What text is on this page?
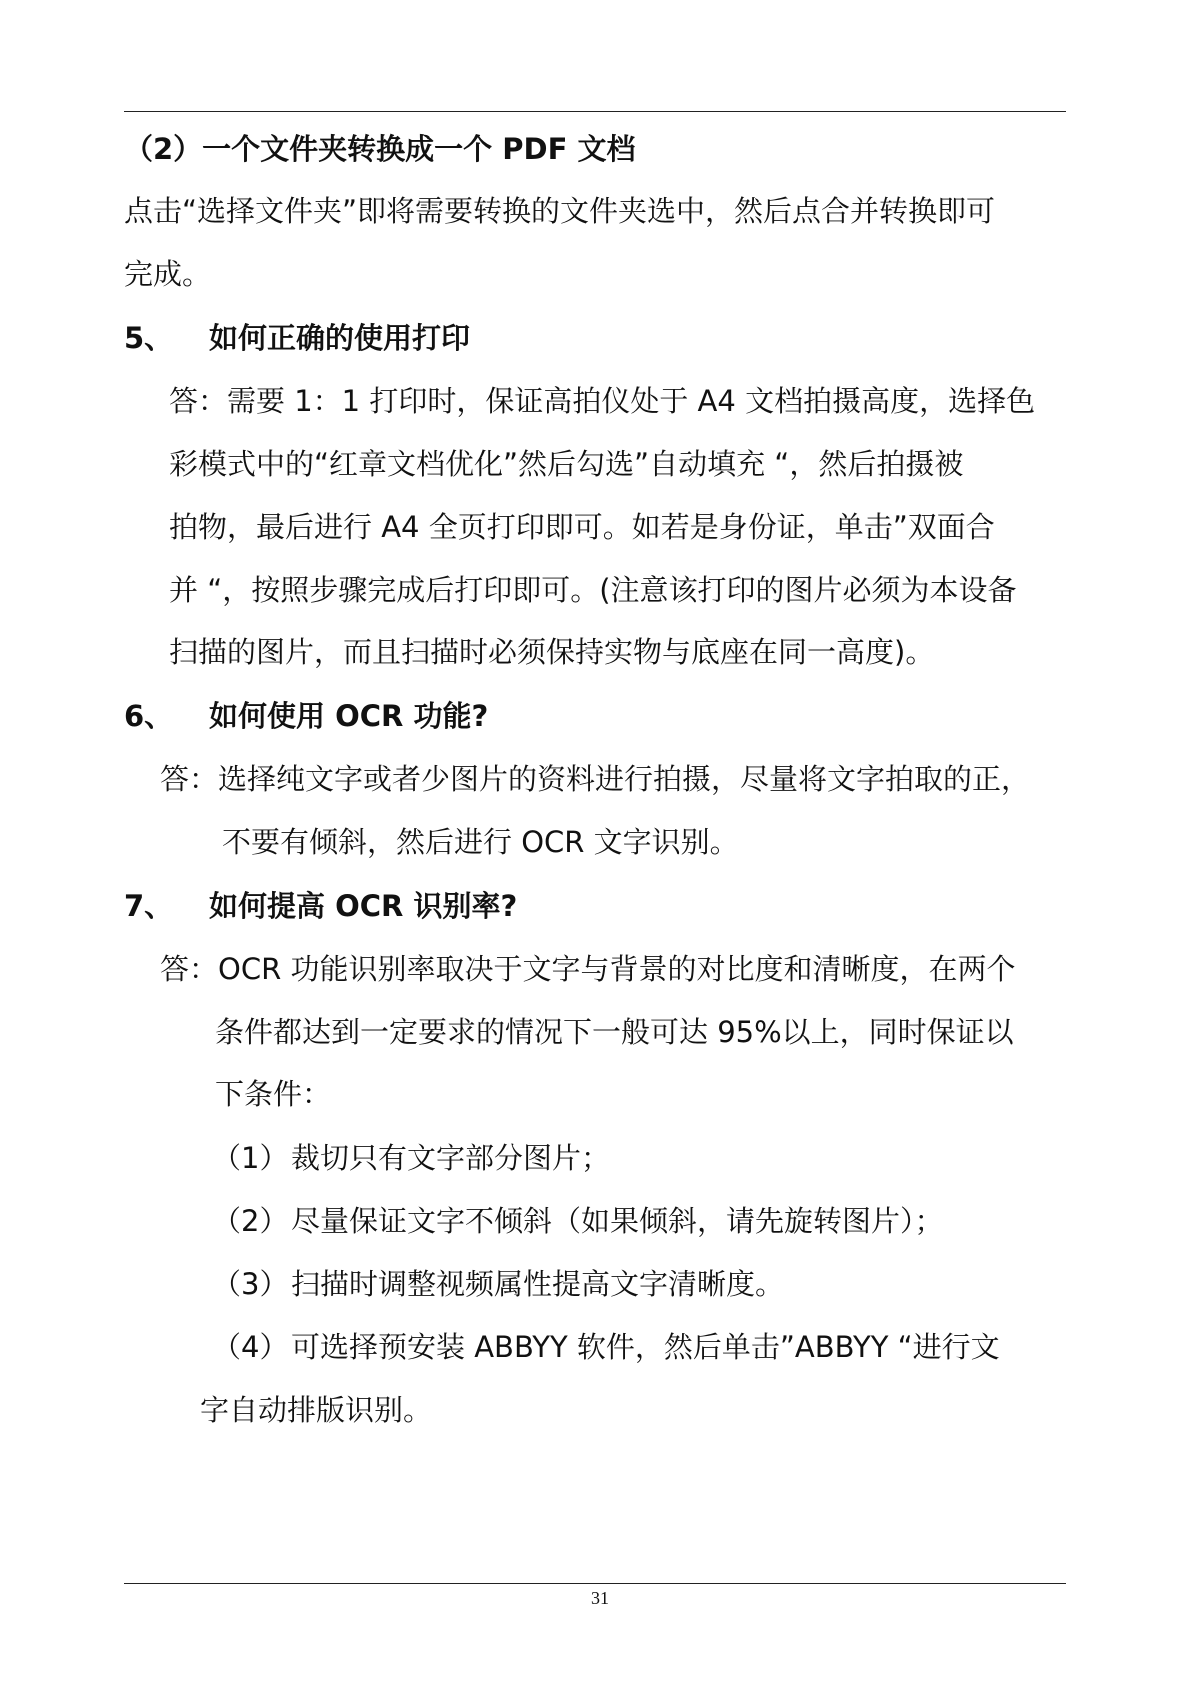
（2）一个文件夹转换成一个 PDF 文档
点击“选择文件夹”即将需要转换的文件夹选中，然后点合并转换即可
完成。
5、 如何正确的使用打印
答：需要 1：1 打印时，保证高拍仪处于 A4 文档拍摄高度，选择色
彩模式中的“红章文档优化”然后勾选”自动填充 “，然后拍摄被
拍物，最后进行 A4 全页打印即可。如若是身份证，单击”双面合
并 “，按照步骤完成后打印即可。(注意该打印的图片必须为本设备
扫描的图片，而且扫描时必须保持实物与底座在同一高度)。
6、 如何使用 OCR 功能?
答：选择纯文字或者少图片的资料进行拍摄，尽量将文字拍取的正，
不要有倾斜，然后进行 OCR 文字识别。
7、 如何提高 OCR 识别率?
答：OCR 功能识别率取决于文字与背景的对比度和清晰度，在两个
条件都达到一定要求的情况下一般可达 95%以上，同时保证以
下条件：
（1）裁切只有文字部分图片；
（2）尽量保证文字不倾斜（如果倾斜，请先旋转图片）；
（3）扫描时调整视频属性提高文字清晰度。
（4）可选择预安装 ABBYY 软件，然后单击”ABBYY “进行文
字自动排版识别。
31
